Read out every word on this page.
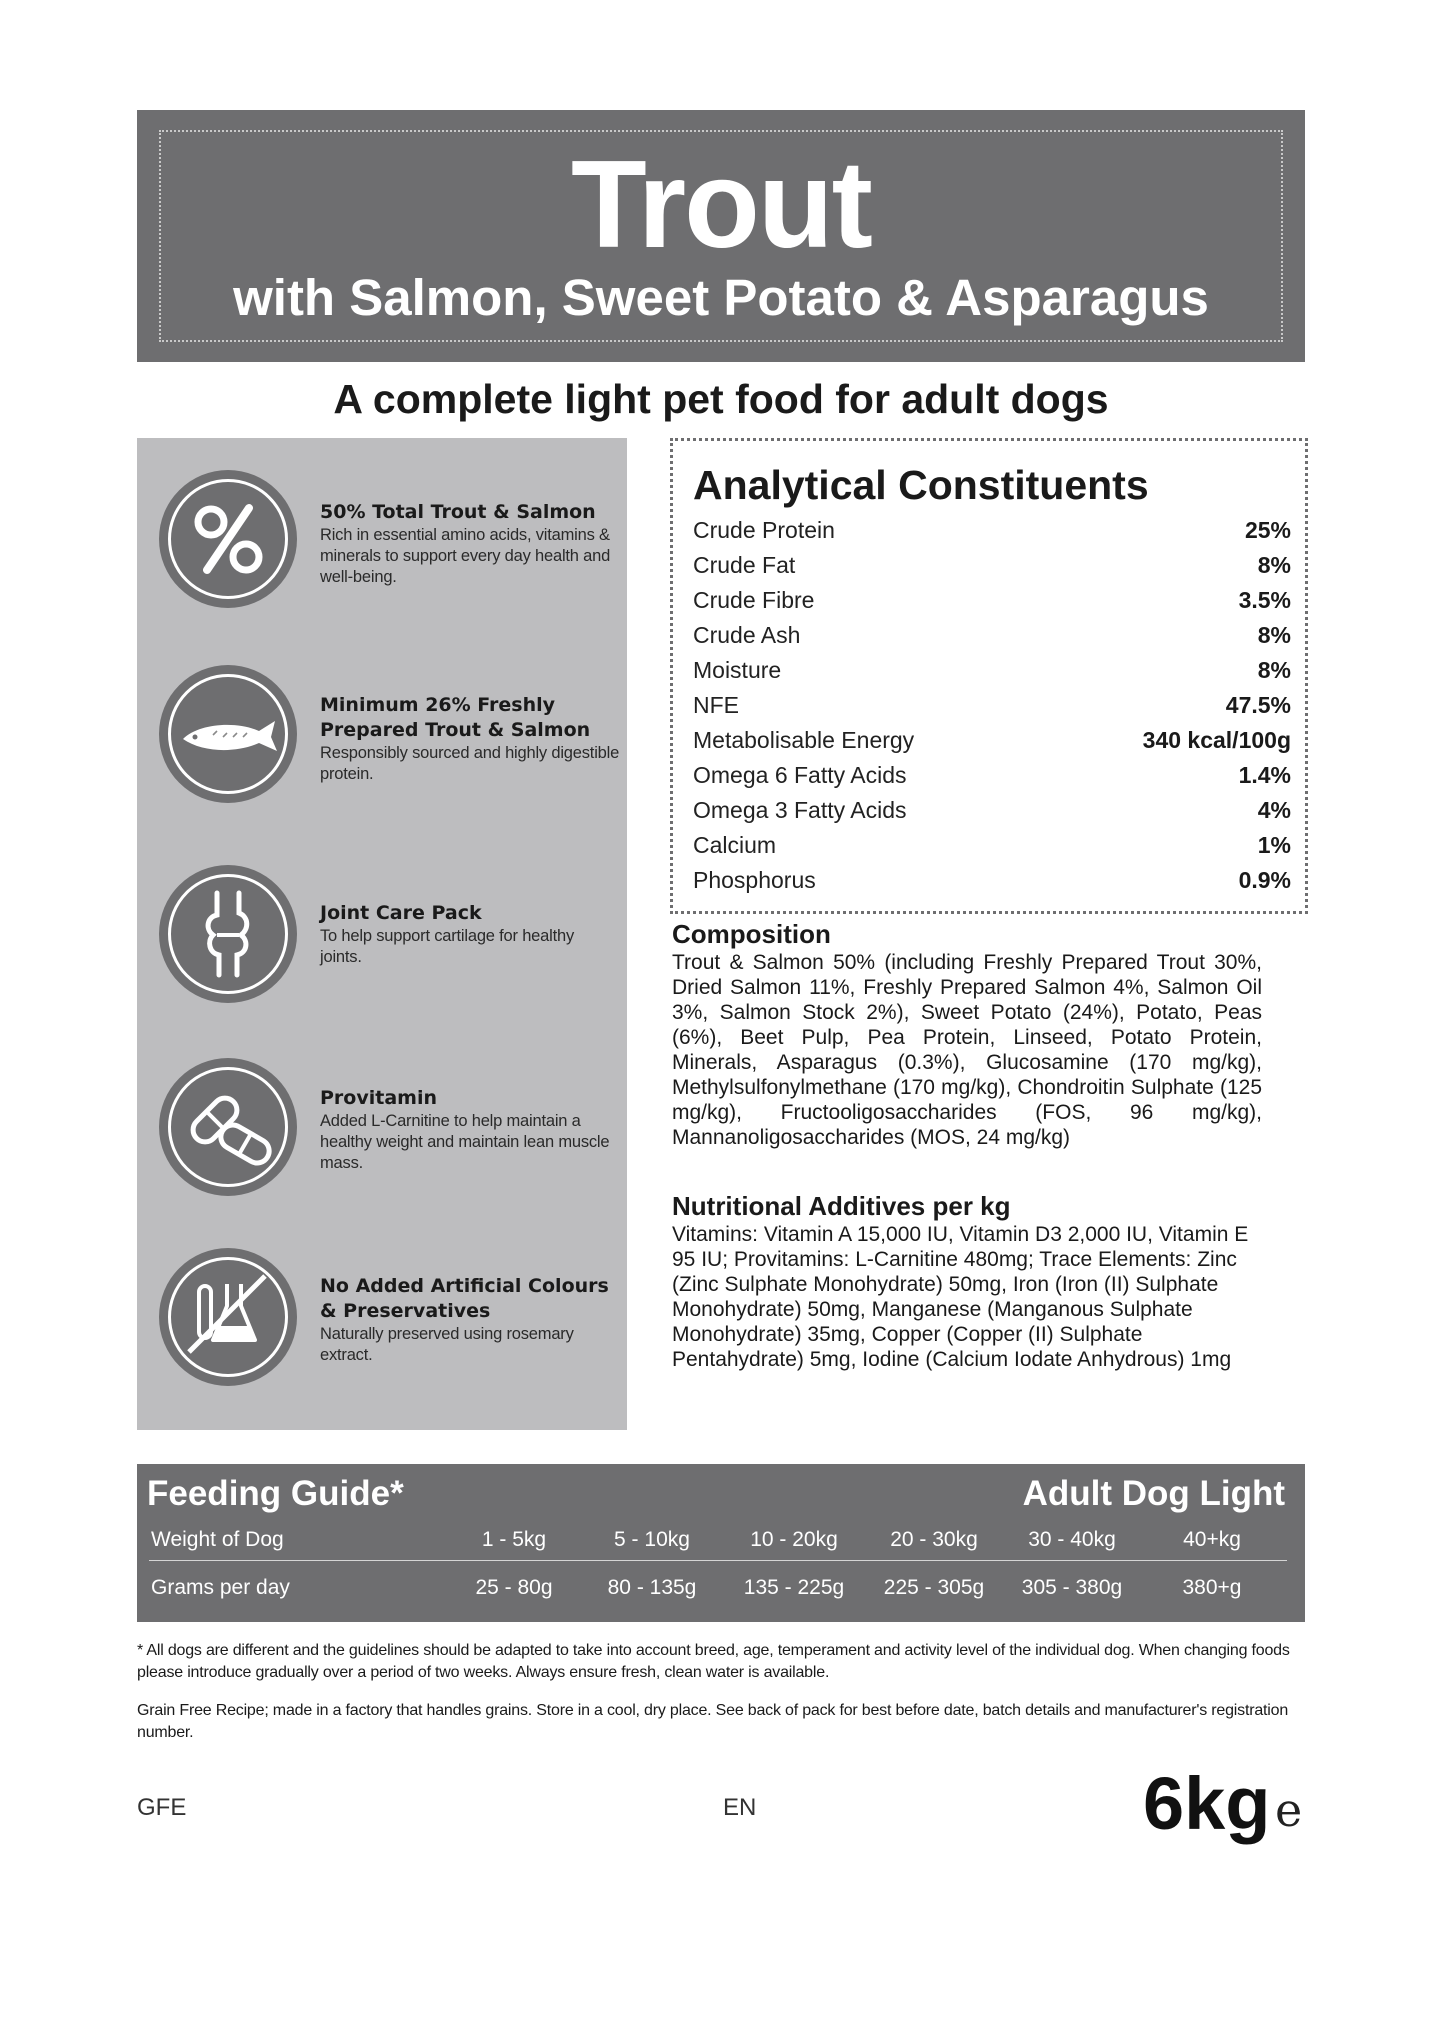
Trout
with Salmon, Sweet Potato & Asparagus
A complete light pet food for adult dogs
50% Total Trout & Salmon
Rich in essential amino acids, vitamins & minerals to support every day health and well-being.
Minimum 26% Freshly Prepared Trout & Salmon
Responsibly sourced and highly digestible protein.
Joint Care Pack
To help support cartilage for healthy joints.
Provitamin
Added L-Carnitine to help maintain a healthy weight and maintain lean muscle mass.
No Added Artificial Colours & Preservatives
Naturally preserved using rosemary extract.
Analytical Constituents
Crude Protein	25%
Crude Fat	8%
Crude Fibre	3.5%
Crude Ash	8%
Moisture	8%
NFE	47.5%
Metabolisable Energy	340 kcal/100g
Omega 6 Fatty Acids	1.4%
Omega 3 Fatty Acids	4%
Calcium	1%
Phosphorus	0.9%
Composition

Trout & Salmon 50% (including Freshly Prepared Trout 30%, Dried Salmon 11%, Freshly Prepared Salmon 4%, Salmon Oil 3%, Salmon Stock 2%), Sweet Potato (24%), Potato, Peas (6%), Beet Pulp, Pea Protein, Linseed, Potato Protein, Minerals, Asparagus (0.3%), Glucosamine (170 mg/kg), Methylsulfonylmethane (170 mg/kg), Chondroitin Sulphate (125 mg/kg), Fructooligosaccharides (FOS, 96 mg/kg), Mannanoligosaccharides (MOS, 24 mg/kg)

Nutritional Additives per kg

Vitamins: Vitamin A 15,000 IU, Vitamin D3 2,000 IU, Vitamin E 95 IU; Provitamins: L-Carnitine 480mg; Trace Elements: Zinc (Zinc Sulphate Monohydrate) 50mg, Iron (Iron (II) Sulphate Monohydrate) 50mg, Manganese (Manganous Sulphate Monohydrate) 35mg, Copper (Copper (II) Sulphate Pentahydrate) 5mg, Iodine (Calcium Iodate Anhydrous) 1mg

Feeding Guide*	Adult Dog Light
Weight of Dog	1 - 5kg	5 - 10kg	10 - 20kg	20 - 30kg	30 - 40kg	40+kg
Grams per day	25 - 80g	80 - 135g	135 - 225g	225 - 305g	305 - 380g	380+g
* All dogs are different and the guidelines should be adapted to take into account breed, age, temperament and activity level of the individual dog. When changing foods please introduce gradually over a period of two weeks. Always ensure fresh, clean water is available.
Grain Free Recipe; made in a factory that handles grains. Store in a cool, dry place. See back of pack for best before date, batch details and manufacturer's registration number.
GFE	EN	6kg e
